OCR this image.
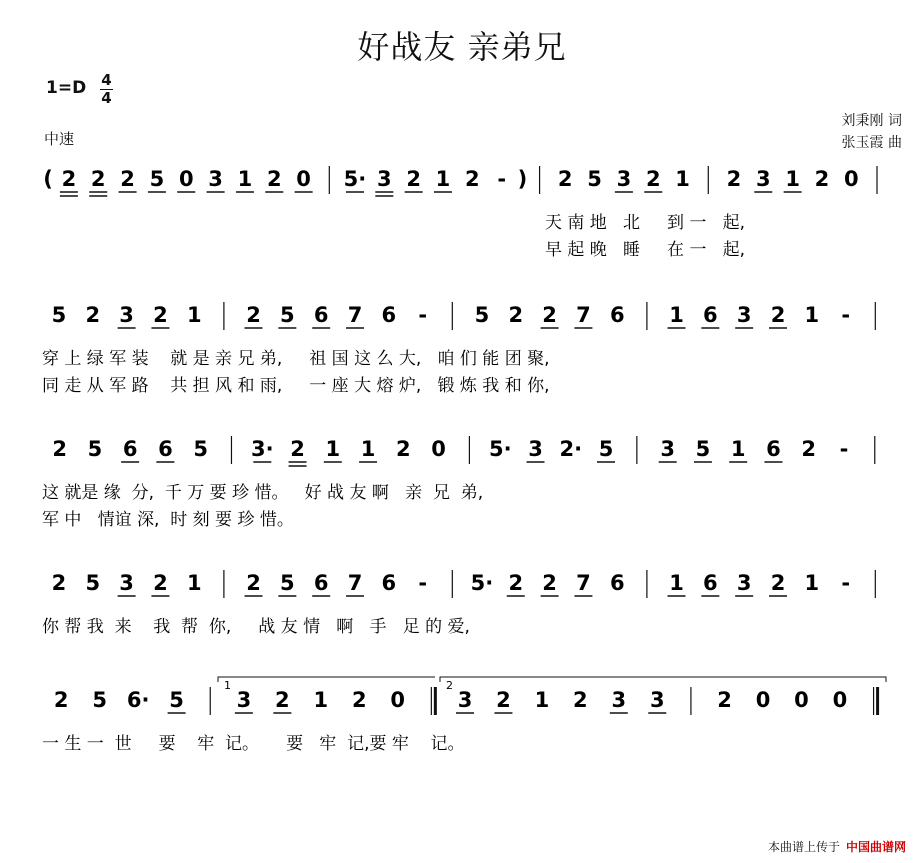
好战友 亲弟兄
1=D 4
4
中速
刘秉刚 词
张玉霞 曲
( 2 2 2 5 0 3 1 2 0 5· 3 2 1 2 - ) 2 5 3 2 1 2 3 1 2 0
天 南 地   北     到 一   起,
早 起 晚   睡     在 一   起,
5 2 3 2 1 2 5 6 7 6 - 5 2 2 7 6 1 6 3 2 1 -
穿 上 绿 军 装    就 是 亲 兄 弟,     祖 国 这 么 大,   咱 们 能 团 聚,
同 走 从 军 路    共 担 风 和 雨,     一 座 大 熔 炉,   锻 炼 我 和 你,
2 5 6 6 5 3· 2 1 1 2 0 5· 3 2· 5 3 5 1 6 2 -
这 就是 缘  分,  千 万 要 珍 惜。   好 战 友 啊   亲  兄  弟,
军 中   情谊 深,  时 刻 要 珍 惜。
2 5 3 2 1 2 5 6 7 6 - 5· 2 2 7 6 1 6 3 2 1 -
你 帮 我  来    我  帮  你,     战 友 情   啊   手   足 的 爱,
2 5 6· 5	3 2 1 2 0	3 2 1 2 3 3	2 0 0 0
1	2
一 生 一  世     要    牢  记。     要   牢  记,要 牢    记。
本曲谱上传于 中国曲谱网
